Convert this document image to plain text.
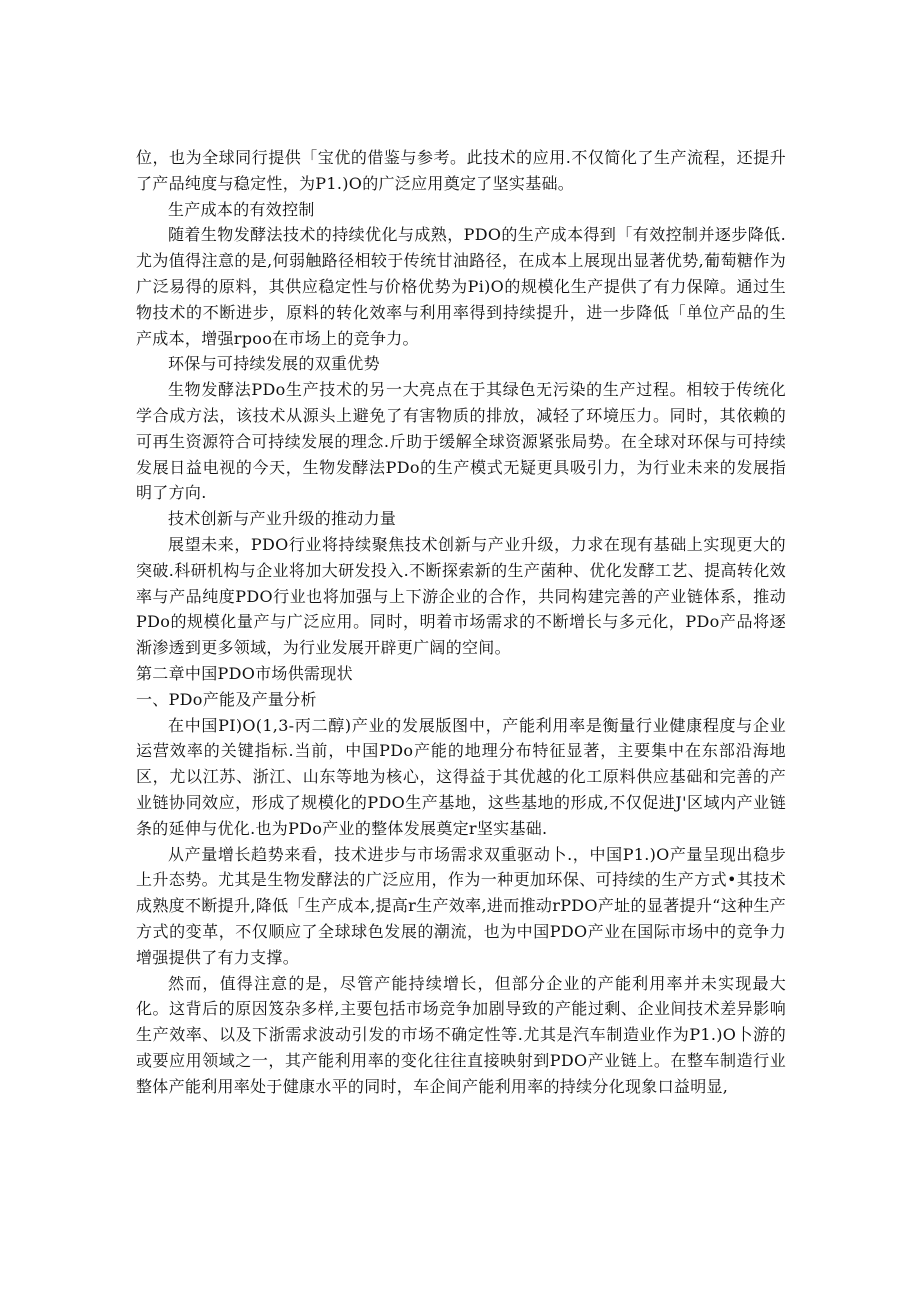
位，也为全球同行提供「宝优的借鉴与参考。此技术的应用.不仅简化了生产流程，还提升了产品纯度与稳定性，为P1.)O的广泛应用奠定了坚实基础。

生产成本的有效控制

随着生物发酵法技术的持续优化与成熟，PDO的生产成本得到「有效控制并逐步降低.尤为值得注意的是,何弱触路径相较于传统甘油路径，在成本上展现出显著优势,葡萄糖作为广泛易得的原料，其供应稳定性与价格优势为Pi)O的规模化生产提供了有力保障。通过生物技术的不断进步，原料的转化效率与利用率得到持续提升，进一步降低「单位产品的生产成本，增强rpoo在市场上的竞争力。

环保与可持续发展的双重优势

生物发酵法PDo生产技术的另一大亮点在于其绿色无污染的生产过程。相较于传统化学合成方法，该技术从源头上避免了有害物质的排放，减轻了环境压力。同时，其依赖的可再生资源符合可持续发展的理念.斤助于缓解全球资源紧张局势。在全球对环保与可持续发展日益电视的今天，生物发酵法PDo的生产模式无疑更具吸引力，为行业未来的发展指明了方向.

技术创新与产业升级的推动力量

展望未来，PDO行业将持续聚焦技术创新与产业升级，力求在现有基础上实现更大的突破.科研机构与企业将加大研发投入.不断探索新的生产菌种、优化发酵工艺、提高转化效率与产品纯度PDO行业也将加强与上下游企业的合作，共同构建完善的产业链体系，推动PDo的规模化量产与广泛应用。同时，明着市场需求的不断增长与多元化，PDo产品将逐渐渗透到更多领域，为行业发展开辟更广阔的空间。

第二章中国PDO市场供需现状

一、PDo产能及产量分析

在中国PI)O(1,3-丙二醇)产业的发展版图中，产能利用率是衡量行业健康程度与企业运营效率的关键指标.当前，中国PDo产能的地理分布特征显著，主要集中在东部沿海地区，尤以江苏、浙江、山东等地为核心，这得益于其优越的化工原料供应基础和完善的产业链协同效应，形成了规模化的PDO生产基地，这些基地的形成,不仅促进J'区域内产业链条的延伸与优化.也为PDo产业的整体发展奠定r坚实基础.

从产量增长趋势来看，技术进步与市场需求双重驱动卜.，中国P1.)O产量呈现出稳步上升态势。尤其是生物发酵法的广泛应用，作为一种更加环保、可持续的生产方式•其技术成熟度不断提升,降低「生产成本,提高r生产效率,进而推动rPDO产址的显著提升“这种生产方式的变革，不仅顺应了全球球色发展的潮流，也为中国PDO产业在国际市场中的竞争力增强提供了有力支撑。

然而，值得注意的是，尽管产能持续增长，但部分企业的产能利用率并未实现最大化。这背后的原因笈杂多样,主要包括市场竞争加剧导致的产能过剩、企业间技术差异影响生产效率、以及下浙需求波动引发的市场不确定性等.尤其是汽车制造业作为P1.)O卜游的或要应用领域之一，其产能利用率的变化往往直接映射到PDO产业链上。在整车制造行业整体产能利用率处于健康水平的同时，车企间产能利用率的持续分化现象口益明显,
